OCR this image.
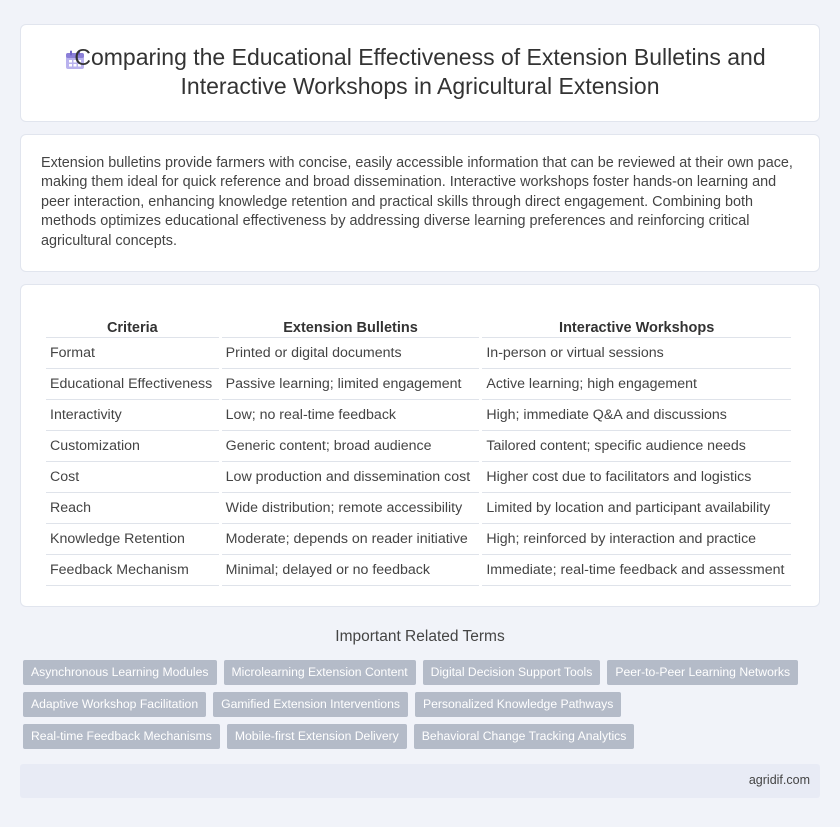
Comparing the Educational Effectiveness of Extension Bulletins and Interactive Workshops in Agricultural Extension

Extension bulletins provide farmers with concise, easily accessible information that can be reviewed at their own pace, making them ideal for quick reference and broad dissemination. Interactive workshops foster hands-on learning and peer interaction, enhancing knowledge retention and practical skills through direct engagement. Combining both methods optimizes educational effectiveness by addressing diverse learning preferences and reinforcing critical agricultural concepts.

Criteria	Extension Bulletins	Interactive Workshops
Format	Printed or digital documents	In-person or virtual sessions
Educational Effectiveness	Passive learning; limited engagement	Active learning; high engagement
Interactivity	Low; no real-time feedback	High; immediate Q&A and discussions
Customization	Generic content; broad audience	Tailored content; specific audience needs
Cost	Low production and dissemination cost	Higher cost due to facilitators and logistics
Reach	Wide distribution; remote accessibility	Limited by location and participant availability
Knowledge Retention	Moderate; depends on reader initiative	High; reinforced by interaction and practice
Feedback Mechanism	Minimal; delayed or no feedback	Immediate; real-time feedback and assessment
Important Related Terms
Asynchronous Learning Modules	Microlearning Extension Content	Digital Decision Support Tools	Peer-to-Peer Learning Networks
Adaptive Workshop Facilitation	Gamified Extension Interventions	Personalized Knowledge Pathways
Real-time Feedback Mechanisms	Mobile-first Extension Delivery	Behavioral Change Tracking Analytics
agridif.com
